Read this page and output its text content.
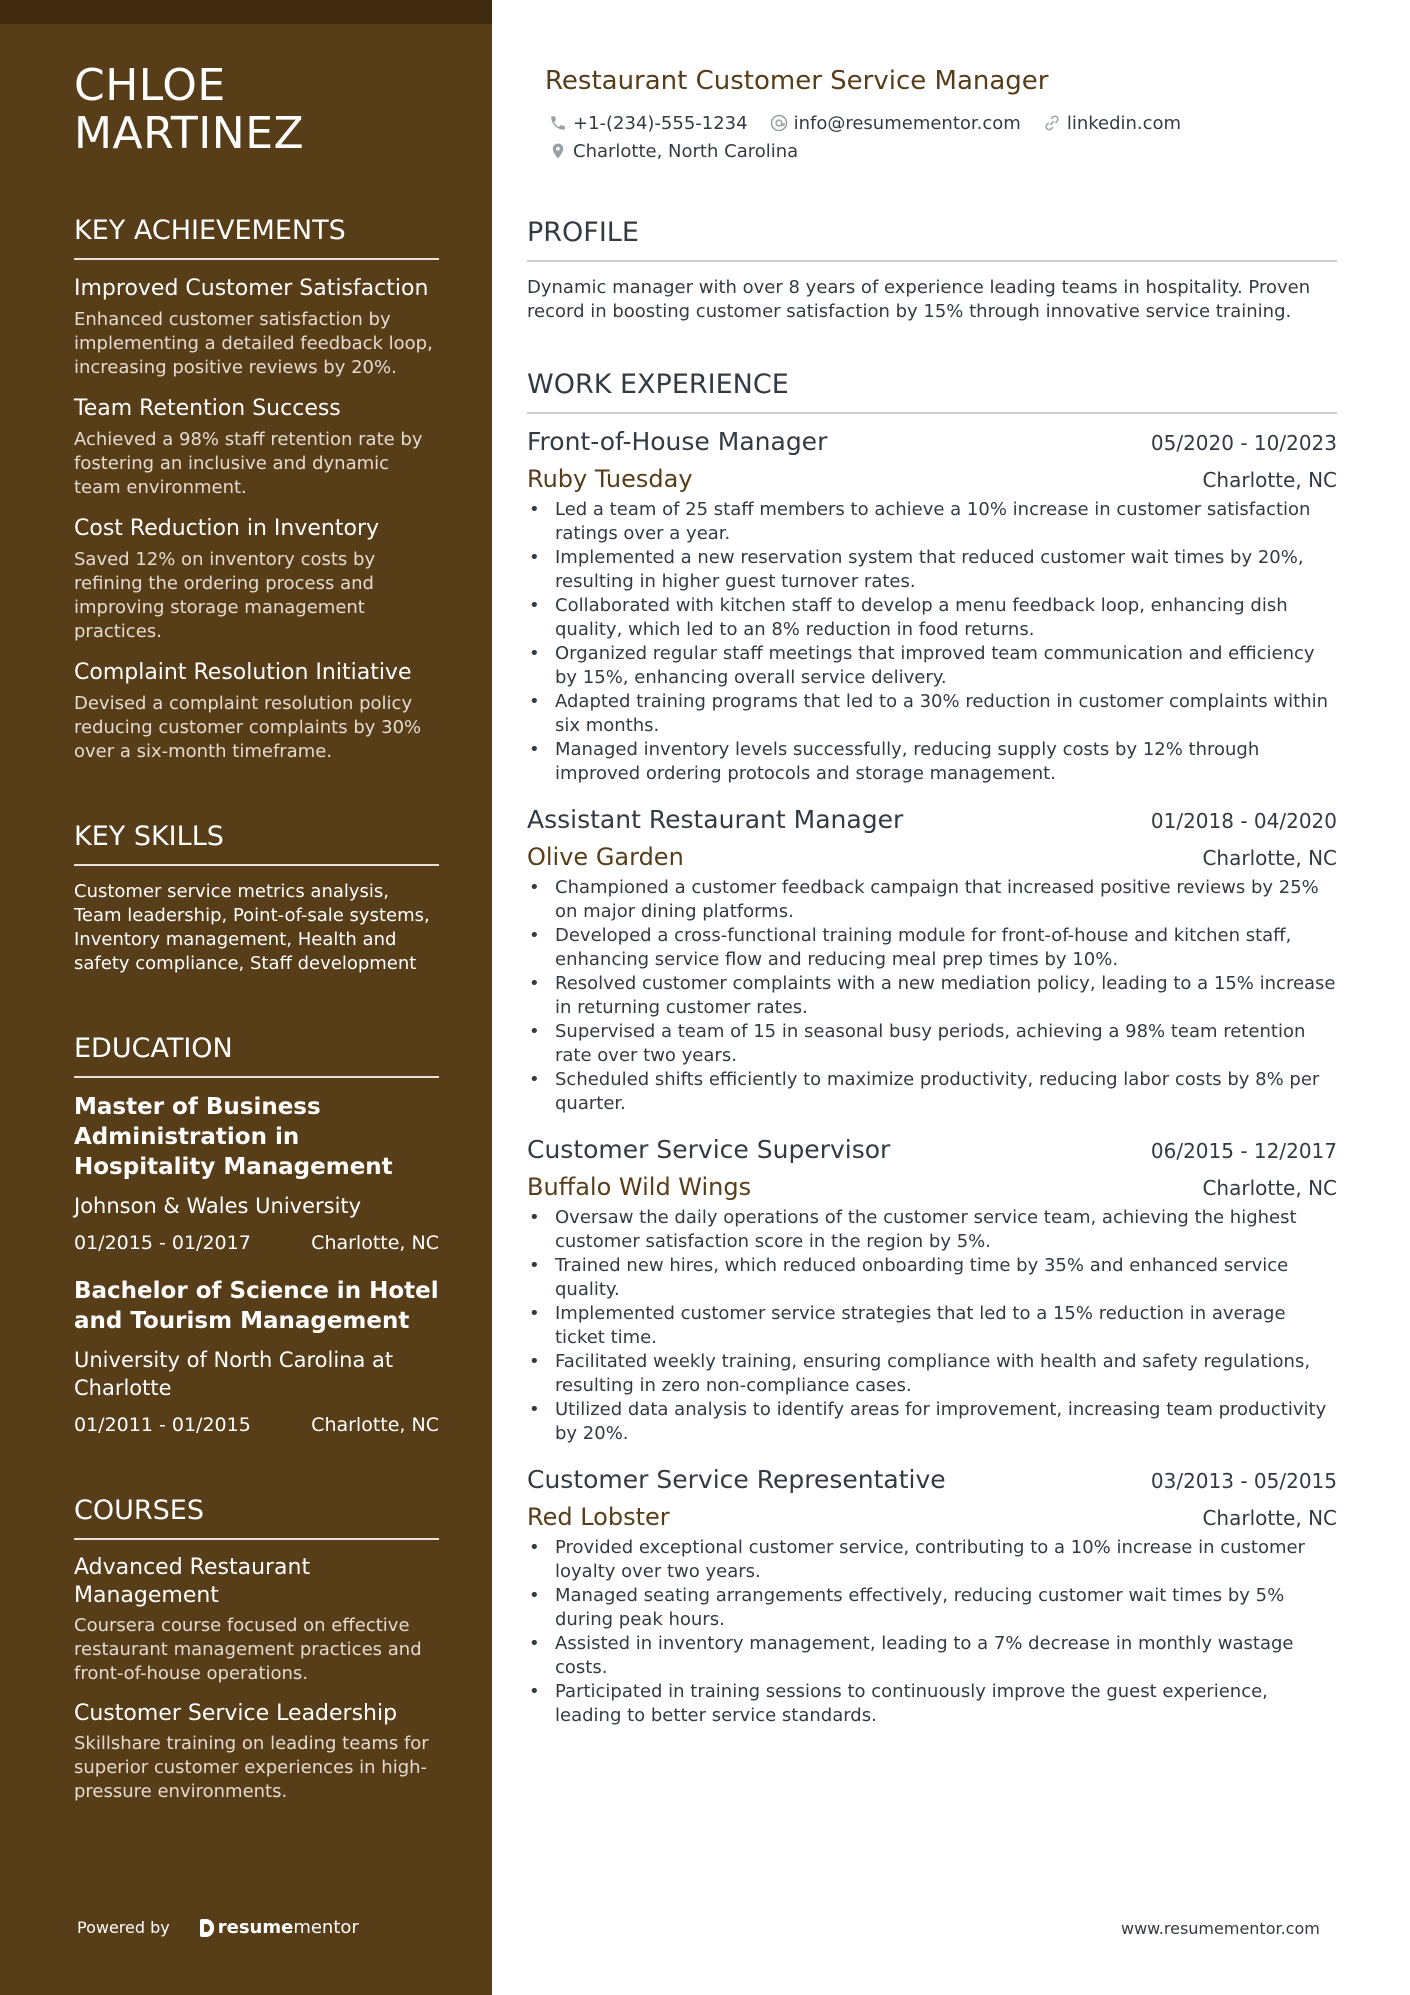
CHLOE
MARTINEZ
KEY ACHIEVEMENTS
Improved Customer Satisfaction
Enhanced customer satisfaction by implementing a detailed feedback loop, increasing positive reviews by 20%.
Team Retention Success
Achieved a 98% staff retention rate by fostering an inclusive and dynamic team environment.
Cost Reduction in Inventory
Saved 12% on inventory costs by refining the ordering process and improving storage management practices.
Complaint Resolution Initiative
Devised a complaint resolution policy reducing customer complaints by 30% over a six-month timeframe.
KEY SKILLS
Customer service metrics analysis, Team leadership, Point-of-sale systems, Inventory management, Health and safety compliance, Staff development
EDUCATION
Master of Business Administration in Hospitality Management
Johnson & Wales University
01/2015 - 01/2017	Charlotte, NC
Bachelor of Science in Hotel and Tourism Management
University of North Carolina at Charlotte
01/2011 - 01/2015	Charlotte, NC
COURSES
Advanced Restaurant Management
Coursera course focused on effective restaurant management practices and front-of-house operations.
Customer Service Leadership
Skillshare training on leading teams for superior customer experiences in high-pressure environments.
Powered by	resume mentor
Restaurant Customer Service Manager
+1-(234)-555-1234	info@resumementor.com	linkedin.com
Charlotte, North Carolina
PROFILE
Dynamic manager with over 8 years of experience leading teams in hospitality. Proven record in boosting customer satisfaction by 15% through innovative service training.
WORK EXPERIENCE
Front-of-House Manager	05/2020 - 10/2023
Ruby Tuesday	Charlotte, NC
• Led a team of 25 staff members to achieve a 10% increase in customer satisfaction ratings over a year.
• Implemented a new reservation system that reduced customer wait times by 20%, resulting in higher guest turnover rates.
• Collaborated with kitchen staff to develop a menu feedback loop, enhancing dish quality, which led to an 8% reduction in food returns.
• Organized regular staff meetings that improved team communication and efficiency by 15%, enhancing overall service delivery.
• Adapted training programs that led to a 30% reduction in customer complaints within six months.
• Managed inventory levels successfully, reducing supply costs by 12% through improved ordering protocols and storage management.
Assistant Restaurant Manager	01/2018 - 04/2020
Olive Garden	Charlotte, NC
• Championed a customer feedback campaign that increased positive reviews by 25% on major dining platforms.
• Developed a cross-functional training module for front-of-house and kitchen staff, enhancing service flow and reducing meal prep times by 10%.
• Resolved customer complaints with a new mediation policy, leading to a 15% increase in returning customer rates.
• Supervised a team of 15 in seasonal busy periods, achieving a 98% team retention rate over two years.
• Scheduled shifts efficiently to maximize productivity, reducing labor costs by 8% per quarter.
Customer Service Supervisor	06/2015 - 12/2017
Buffalo Wild Wings	Charlotte, NC
• Oversaw the daily operations of the customer service team, achieving the highest customer satisfaction score in the region by 5%.
• Trained new hires, which reduced onboarding time by 35% and enhanced service quality.
• Implemented customer service strategies that led to a 15% reduction in average ticket time.
• Facilitated weekly training, ensuring compliance with health and safety regulations, resulting in zero non-compliance cases.
• Utilized data analysis to identify areas for improvement, increasing team productivity by 20%.
Customer Service Representative	03/2013 - 05/2015
Red Lobster	Charlotte, NC
• Provided exceptional customer service, contributing to a 10% increase in customer loyalty over two years.
• Managed seating arrangements effectively, reducing customer wait times by 5% during peak hours.
• Assisted in inventory management, leading to a 7% decrease in monthly wastage costs.
• Participated in training sessions to continuously improve the guest experience, leading to better service standards.
www.resumementor.com
